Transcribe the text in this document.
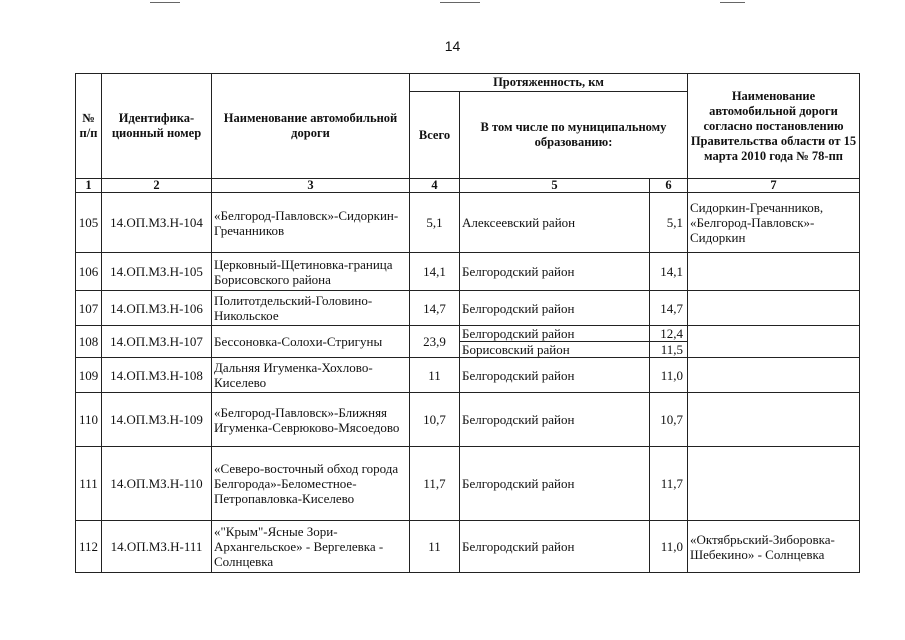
14
№ п/п	Идентифика-ционный номер	Наименование автомобильной дороги	Протяженность, км			Наименование автомобильной дороги согласно постановлению Правительства области от 15 марта 2010 года № 78-пп
			Всего	В том числе по муниципальному образованию:		
1	2	3	4	5	6	7
105	14.ОП.МЗ.Н-104	«Белгород-Павловск»-Сидоркин-Гречанников	5,1	Алексеевский район	5,1	Сидоркин-Гречанников, «Белгород-Павловск»-Сидоркин
106	14.ОП.МЗ.Н-105	Церковный-Щетиновка-граница Борисовского района	14,1	Белгородский район	14,1	
107	14.ОП.МЗ.Н-106	Политотдельский-Головино-Никольское	14,7	Белгородский район	14,7	
108	14.ОП.МЗ.Н-107	Бессоновка-Солохи-Стригуны	23,9	Белгородский район	12,4	
				Борисовский район	11,5	
109	14.ОП.МЗ.Н-108	Дальняя Игуменка-Хохлово-Киселево	11	Белгородский район	11,0	
110	14.ОП.МЗ.Н-109	«Белгород-Павловск»-Ближняя Игуменка-Севрюково-Мясоедово	10,7	Белгородский район	10,7	
111	14.ОП.МЗ.Н-110	«Северо-восточный обход города Белгорода»-Беломестное-Петропавловка-Киселево	11,7	Белгородский район	11,7	
112	14.ОП.МЗ.Н-111	«"Крым"-Ясные Зори-Архангельское» - Вергелевка - Солнцевка	11	Белгородский район	11,0	«Октябрьский-Зиборовка-Шебекино» - Солнцевка
